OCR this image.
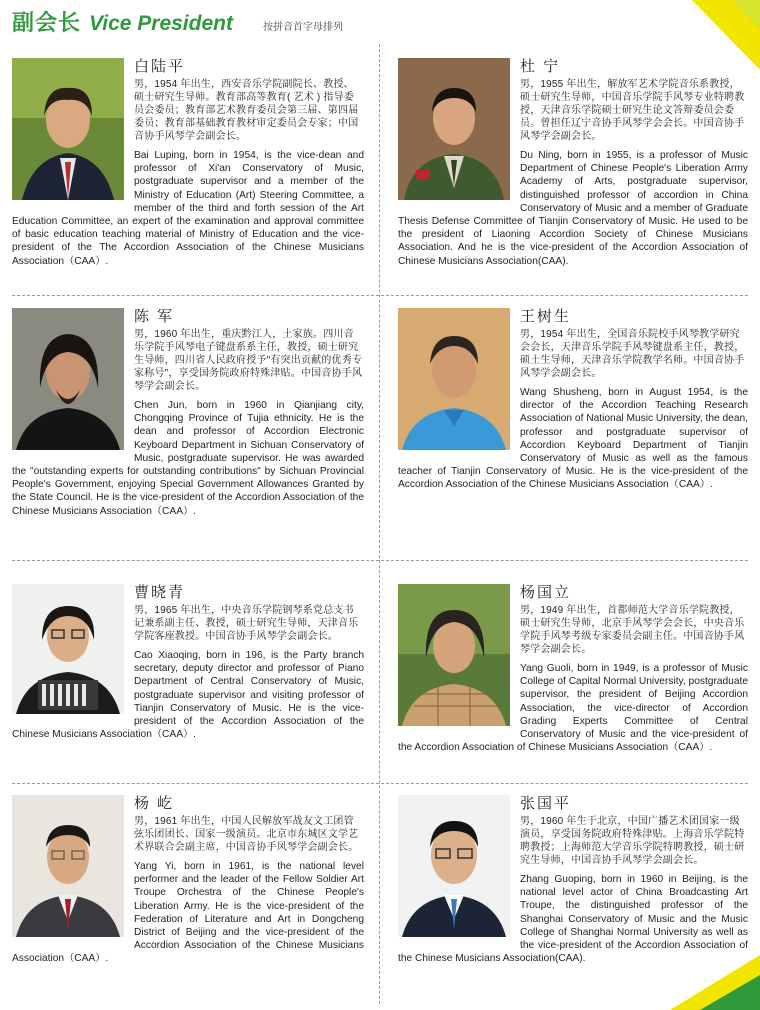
副会长 Vice President	按拼音首字母排列
白陆平

男，1954 年出生，西安音乐学院副院长、教授、硕士研究生导师。教育部高等教育( 艺术 ) 指导委员会委员；教育部艺术教育委员会第三届、第四届委员；教育部基础教育教材审定委员会专家；中国音协手风琴学会副会长。

Bai Luping, born in 1954, is the vice-dean and professor of Xi'an Conservatory of Music, postgraduate supervisor and a member of the Ministry of Education (Art) Steering Committee, a member of the third and forth session of the Art Education Committee, an expert of the examination and approval committee of basic education teaching material of Ministry of Education and the vice-president of the The Accordion Association of the Chinese Musicians Association（CAA）.

杜 宁

男，1955 年出生，解放军艺术学院音乐系教授，硕士研究生导师，中国音乐学院手风琴专业特聘教授，天津音乐学院硕士研究生论文答辩委员会委员。曾担任辽宁音协手风琴学会会长。中国音协手风琴学会副会长。

Du Ning, born in 1955, is a professor of Music Department of Chinese People's Liberation Army Academy of Arts, postgraduate supervisor, distinguished professor of accordion in China Conservatory of Music and a member of Graduate Thesis Defense Committee of Tianjin Conservatory of Music. He used to be the president of Liaoning Accordion Society of Chinese Musicians Association. And he is the vice-president of the Accordion Association of Chinese Musicians Association(CAA).

陈 军

男，1960 年出生，重庆黔江人，土家族。四川音乐学院手风琴电子键盘系系主任，教授，硕士研究生导师，四川省人民政府授予"有突出贡献的优秀专家称号"，享受国务院政府特殊津贴。中国音协手风琴学会副会长。

Chen Jun, born in 1960 in Qianjiang city, Chongqing Province of Tujia ethnicity. He is the dean and professor of Accordion Electronic Keyboard Department in Sichuan Conservatory of Music, postgraduate supervisor. He was awarded the "outstanding experts for outstanding contributions" by Sichuan Provincial People's Government, enjoying Special Government Allowances Granted by the State Council. He is the vice-president of the Accordion Association of the Chinese Musicians Association（CAA）.

王树生

男，1954 年出生，全国音乐院校手风琴教学研究会会长，天津音乐学院手风琴键盘系主任，教授，硕士生导师，天津音乐学院教学名师。中国音协手风琴学会副会长。

Wang Shusheng, born in August 1954, is the director of the Accordion Teaching Research Association of National Music University, the dean, professor and postgraduate supervisor of Accordion Keyboard Department of Tianjin Conservatory of Music as well as the famous teacher of Tianjin Conservatory of Music. He is the vice-president of the Accordion Association of the Chinese Musicians Association（CAA）.

曹晓青

男，1965 年出生，中央音乐学院钢琴系党总支书记兼系副主任、教授，硕士研究生导师，天津音乐学院客座教授。中国音协手风琴学会副会长。

Cao Xiaoqing, born in 196, is the Party branch secretary, deputy director and professor of Piano Department of Central Conservatory of Music, postgraduate supervisor and visiting professor of Tianjin Conservatory of Music. He is the vice-president of the Accordion Association of the Chinese Musicians Association（CAA）.

杨国立

男，1949 年出生，首都师范大学音乐学院教授，硕士研究生导师，北京手风琴学会会长，中央音乐学院手风琴考级专家委员会副主任。中国音协手风琴学会副会长。

Yang Guoli, born in 1949, is a professor of Music College of Capital Normal University, postgraduate supervisor, the president of Beijing Accordion Association, the vice-director of Accordion Grading Experts Committee of Central Conservatory of Music and the vice-president of the Accordion Association of Chinese Musicians Association（CAA）.

杨 屹

男，1961 年出生，中国人民解放军战友文工团管弦乐团团长、国家一级演员。北京市东城区文学艺术界联合会副主席，中国音协手风琴学会副会长。

Yang Yi, born in 1961, is the national level performer and the leader of the Fellow Soldier Art Troupe Orchestra of the Chinese People's Liberation Army. He is the vice-president of the Federation of Literature and Art in Dongcheng District of Beijing and the vice-president of the Accordion Association of the Chinese Musicians Association（CAA）.

张国平

男，1960 年生于北京，中国广播艺术团国家一级演员，享受国务院政府特殊津贴。上海音乐学院特聘教授；上海师范大学音乐学院特聘教授，硕士研究生导师，中国音协手风琴学会副会长。

Zhang Guoping, born in 1960 in Beijing, is the national level actor of China Broadcasting Art Troupe, the distinguished professor of the Shanghai Conservatory of Music and the Music College of Shanghai Normal University as well as the vice-president of the Accordion Association of the Chinese Musicians Association(CAA).
